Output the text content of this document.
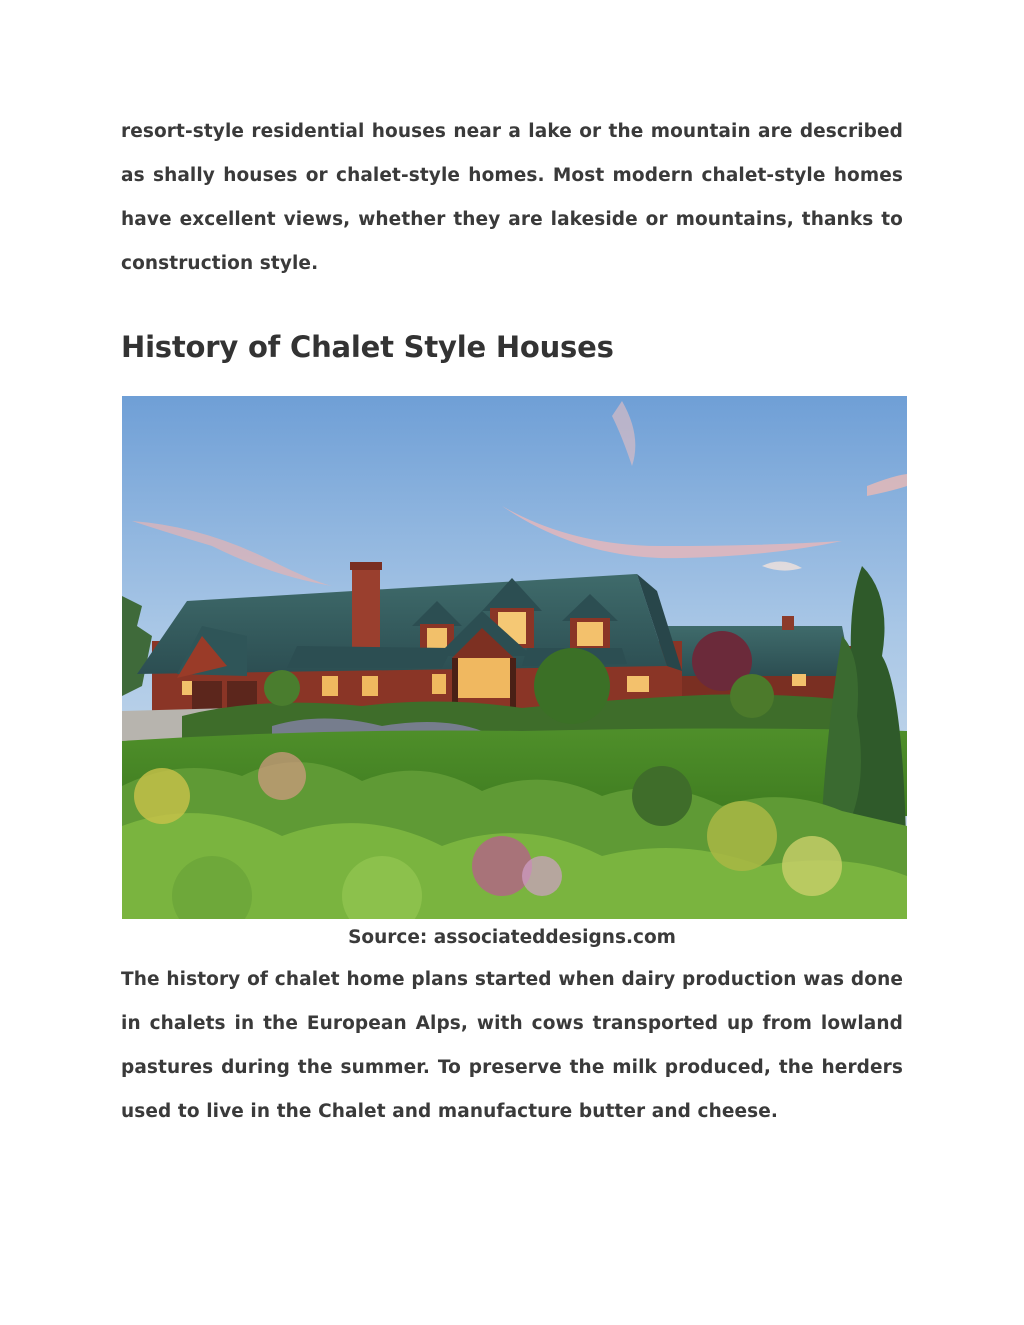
resort-style residential houses near a lake or the mountain are described as shally houses or chalet-style homes. Most modern chalet-style homes have excellent views, whether they are lakeside or mountains, thanks to construction style.

History of Chalet Style Houses

Source: associateddesigns.com

The history of chalet home plans started when dairy production was done in chalets in the European Alps, with cows transported up from lowland pastures during the summer. To preserve the milk produced, the herders used to live in the Chalet and manufacture butter and cheese.
